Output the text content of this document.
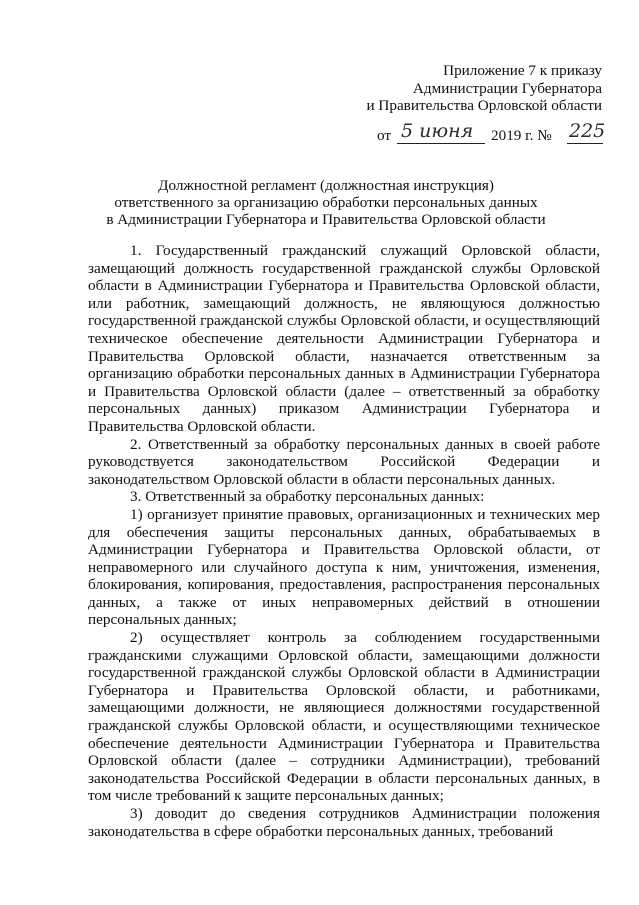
Приложение 7 к приказу
Администрации Губернатора
и Правительства Орловской области
от 5 июня 2019 г. № 225
Должностной регламент (должностная инструкция)
ответственного за организацию обработки персональных данных
в Администрации Губернатора и Правительства Орловской области

1. Государственный гражданский служащий Орловской области, замещающий должность государственной гражданской службы Орловской области в Администрации Губернатора и Правительства Орловской области, или работник, замещающий должность, не являющуюся должностью государственной гражданской службы Орловской области, и осуществляющий техническое обеспечение деятельности Администрации Губернатора и Правительства Орловской области, назначается ответственным за организацию обработки персональных данных в Администрации Губернатора и Правительства Орловской области (далее – ответственный за обработку персональных данных) приказом Администрации Губернатора и Правительства Орловской области.

2. Ответственный за обработку персональных данных в своей работе руководствуется законодательством Российской Федерации и законодательством Орловской области в области персональных данных.

3. Ответственный за обработку персональных данных:

1) организует принятие правовых, организационных и технических мер для обеспечения защиты персональных данных, обрабатываемых в Администрации Губернатора и Правительства Орловской области, от неправомерного или случайного доступа к ним, уничтожения, изменения, блокирования, копирования, предоставления, распространения персональных данных, а также от иных неправомерных действий в отношении персональных данных;

2) осуществляет контроль за соблюдением государственными гражданскими служащими Орловской области, замещающими должности государственной гражданской службы Орловской области в Администрации Губернатора и Правительства Орловской области, и работниками, замещающими должности, не являющиеся должностями государственной гражданской службы Орловской области, и осуществляющими техническое обеспечение деятельности Администрации Губернатора и Правительства Орловской области (далее – сотрудники Администрации), требований законодательства Российской Федерации в области персональных данных, в том числе требований к защите персональных данных;

3) доводит до сведения сотрудников Администрации положения законодательства в сфере обработки персональных данных, требований
